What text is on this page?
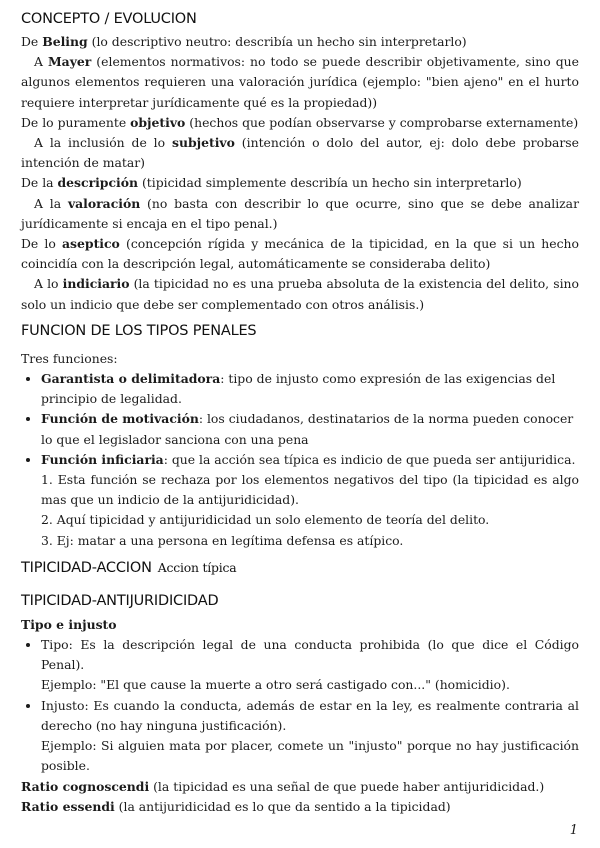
CONCEPTO / EVOLUCION

De Beling (lo descriptivo neutro: describía un hecho sin interpretarlo)

A Mayer (elementos normativos: no todo se puede describir objetivamente, sino que algunos elementos requieren una valoración jurídica (ejemplo: "bien ajeno" en el hurto requiere interpretar jurídicamente qué es la propiedad))

De lo puramente objetivo (hechos que podían observarse y comprobarse externamente)

A la inclusión de lo subjetivo (intención o dolo del autor, ej: dolo debe probarse intención de matar)

De la descripción (tipicidad simplemente describía un hecho sin interpretarlo)

A la valoración (no basta con describir lo que ocurre, sino que se debe analizar jurídicamente si encaja en el tipo penal.)

De lo aseptico (concepción rígida y mecánica de la tipicidad, en la que si un hecho coincidía con la descripción legal, automáticamente se consideraba delito)

A lo indiciario (la tipicidad no es una prueba absoluta de la existencia del delito, sino solo un indicio que debe ser complementado con otros análisis.)

FUNCION DE LOS TIPOS PENALES

Tres funciones:

• Garantista o delimitadora: tipo de injusto como expresión de las exigencias del principio de legalidad.
• Función de motivación: los ciudadanos, destinatarios de la norma pueden conocer lo que el legislador sanciona con una pena
• Función inficiaria: que la acción sea típica es indicio de que pueda ser antijuridica.

1. Esta función se rechaza por los elementos negativos del tipo (la tipicidad es algo mas que un indicio de la antijuridicidad).

2. Aquí tipicidad y antijuridicidad un solo elemento de teoría del delito.

3. Ej: matar a una persona en legítima defensa es atípico.

TIPICIDAD-ACCION Accion típica
TIPICIDAD-ANTIJURIDICIDAD

Tipo e injusto

• Tipo: Es la descripción legal de una conducta prohibida (lo que dice el Código Penal).

Ejemplo: "El que cause la muerte a otro será castigado con..." (homicidio).

• Injusto: Es cuando la conducta, además de estar en la ley, es realmente contraria al derecho (no hay ninguna justificación).

Ejemplo: Si alguien mata por placer, comete un "injusto" porque no hay justificación posible.

Ratio cognoscendi (la tipicidad es una señal de que puede haber antijuridicidad.)

Ratio essendi (la antijuridicidad es lo que da sentido a la tipicidad)

1
